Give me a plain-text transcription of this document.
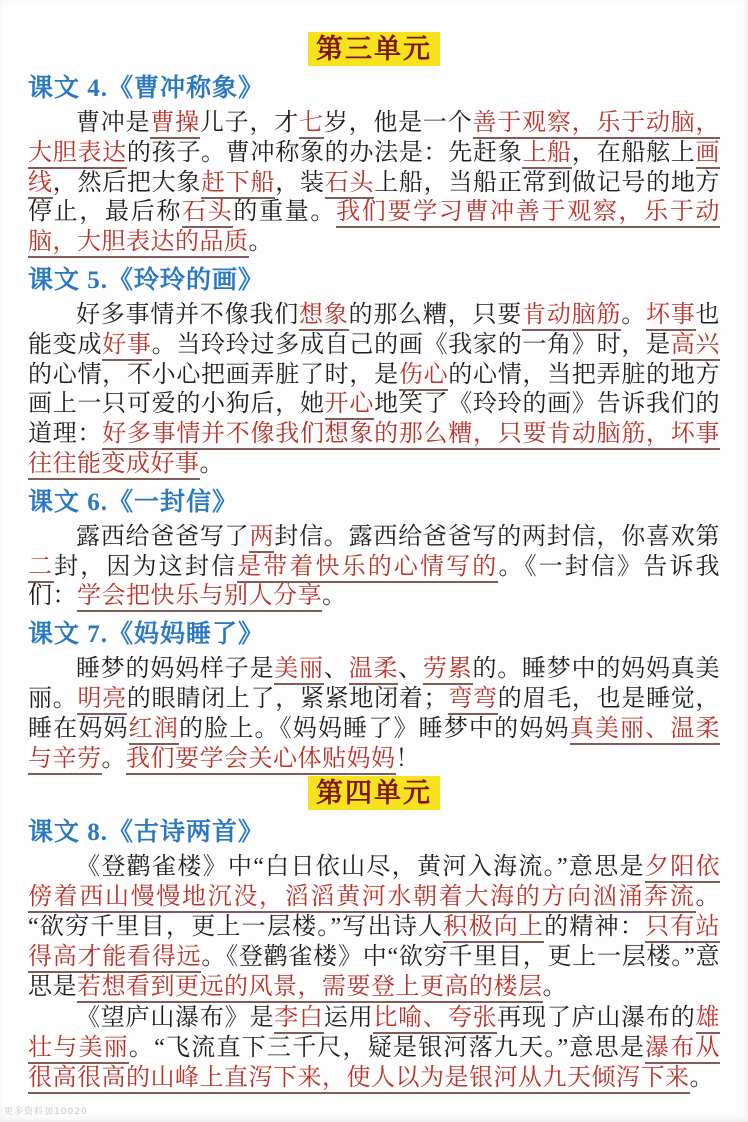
第三单元
课文 4.《曹冲称象》

曹冲是曹操儿子，才七岁，他是一个善于观察，乐于动脑，大胆表达的孩子。曹冲称象的办法是：先赶象上船，在船舷上画线，然后把大象赶下船，装石头上船，当船正常到做记号的地方停止，最后称石头的重量。我们要学习曹冲善于观察，乐于动脑，大胆表达的品质。

课文 5.《玲玲的画》

好多事情并不像我们想象的那么糟，只要肯动脑筋。坏事也能变成好事。当玲玲过多成自己的画《我家的一角》时，是高兴的心情，不小心把画弄脏了时，是伤心的心情，当把弄脏的地方画上一只可爱的小狗后，她开心地笑了《玲玲的画》告诉我们的道理：好多事情并不像我们想象的那么糟，只要肯动脑筋，坏事往往能变成好事。

课文 6.《一封信》

露西给爸爸写了两封信。露西给爸爸写的两封信，你喜欢第二封，因为这封信是带着快乐的心情写的。《一封信》告诉我们：学会把快乐与别人分享。

课文 7.《妈妈睡了》

睡梦的妈妈样子是美丽、温柔、劳累的。睡梦中的妈妈真美丽。明亮的眼睛闭上了，紧紧地闭着；弯弯的眉毛，也是睡觉，睡在妈妈红润的脸上。《妈妈睡了》睡梦中的妈妈真美丽、温柔与辛劳。我们要学会关心体贴妈妈！

第四单元
课文 8.《古诗两首》

《登鹳雀楼》中“白日依山尽，黄河入海流。”意思是夕阳依傍着西山慢慢地沉没，滔滔黄河水朝着大海的方向汹涌奔流。“欲穷千里目，更上一层楼。”写出诗人积极向上的精神：只有站得高才能看得远。《登鹳雀楼》中“欲穷千里目，更上一层楼。”意思是若想看到更远的风景，需要登上更高的楼层。

《望庐山瀑布》是李白运用比喻、夸张再现了庐山瀑布的雄壮与美丽。“飞流直下三千尺，疑是银河落九天。”意思是瀑布从很高很高的山峰上直泻下来，使人以为是银河从九天倾泻下来。

更多资料加10020
